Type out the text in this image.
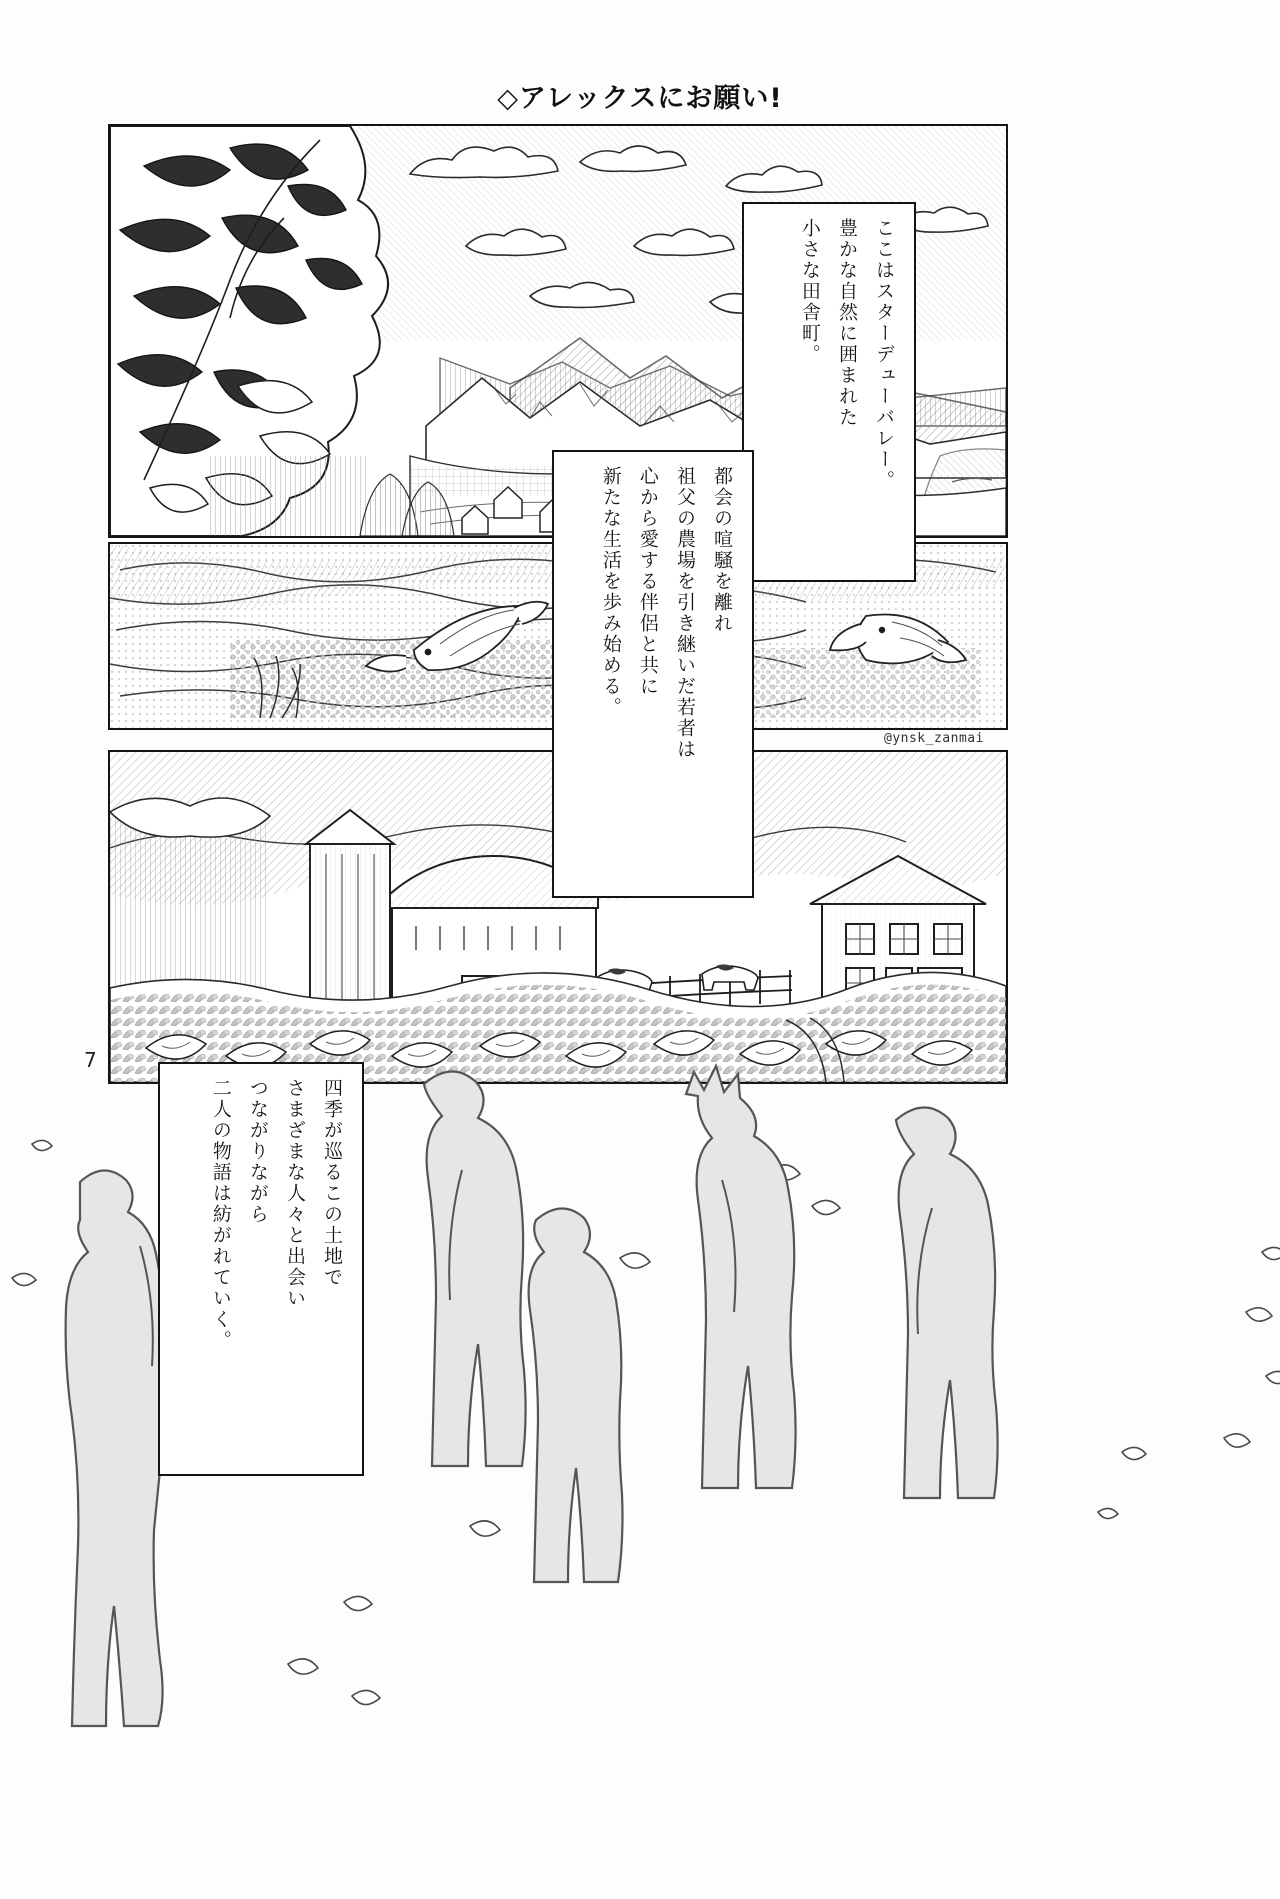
◇アレックスにお願い!
7
@ynsk_zanmai
ここはスターデューバレー。
豊かな自然に囲まれた
小さな田舎町。
都会の喧騒を離れ
祖父の農場を引き継いだ若者は
心から愛する伴侶と共に
新たな生活を歩み始める。
四季が巡るこの土地で
さまざまな人々と出会い
つながりながら
二人の物語は紡がれていく。
